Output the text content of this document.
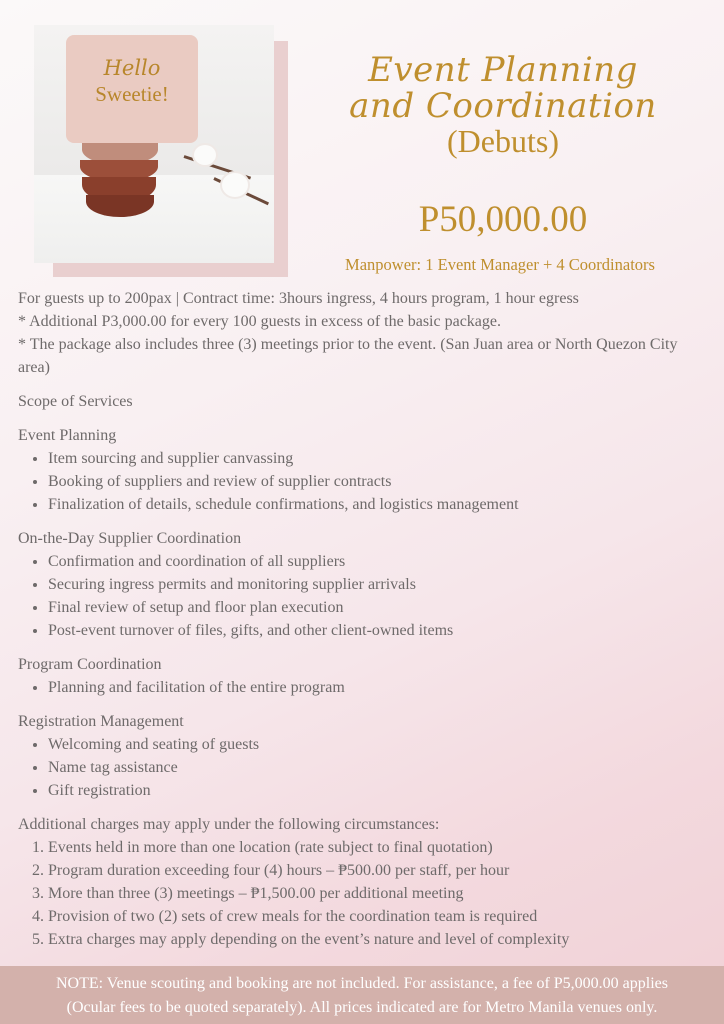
Hello
Sweetie!
Event Planning
and Coordination
(Debuts)
P50,000.00
Manpower: 1 Event Manager + 4 Coordinators

For guests up to 200pax | Contract time: 3hours ingress, 4 hours program, 1 hour egress

* Additional P3,000.00 for every 100 guests in excess of the basic package.

* The package also includes three (3) meetings prior to the event. (San Juan area or North Quezon City area)

Scope of Services

Event Planning

• Item sourcing and supplier canvassing
• Booking of suppliers and review of supplier contracts
• Finalization of details, schedule confirmations, and logistics management

On-the-Day Supplier Coordination

• Confirmation and coordination of all suppliers
• Securing ingress permits and monitoring supplier arrivals
• Final review of setup and floor plan execution
• Post-event turnover of files, gifts, and other client-owned items

Program Coordination

• Planning and facilitation of the entire program

Registration Management

• Welcoming and seating of guests
• Name tag assistance
• Gift registration

Additional charges may apply under the following circumstances:

1. Events held in more than one location (rate subject to final quotation)
2. Program duration exceeding four (4) hours – ₱500.00 per staff, per hour
3. More than three (3) meetings – ₱1,500.00 per additional meeting
4. Provision of two (2) sets of crew meals for the coordination team is required
5. Extra charges may apply depending on the event’s nature and level of complexity
NOTE: Venue scouting and booking are not included. For assistance, a fee of P5,000.00 applies
(Ocular fees to be quoted separately). All prices indicated are for Metro Manila venues only.
